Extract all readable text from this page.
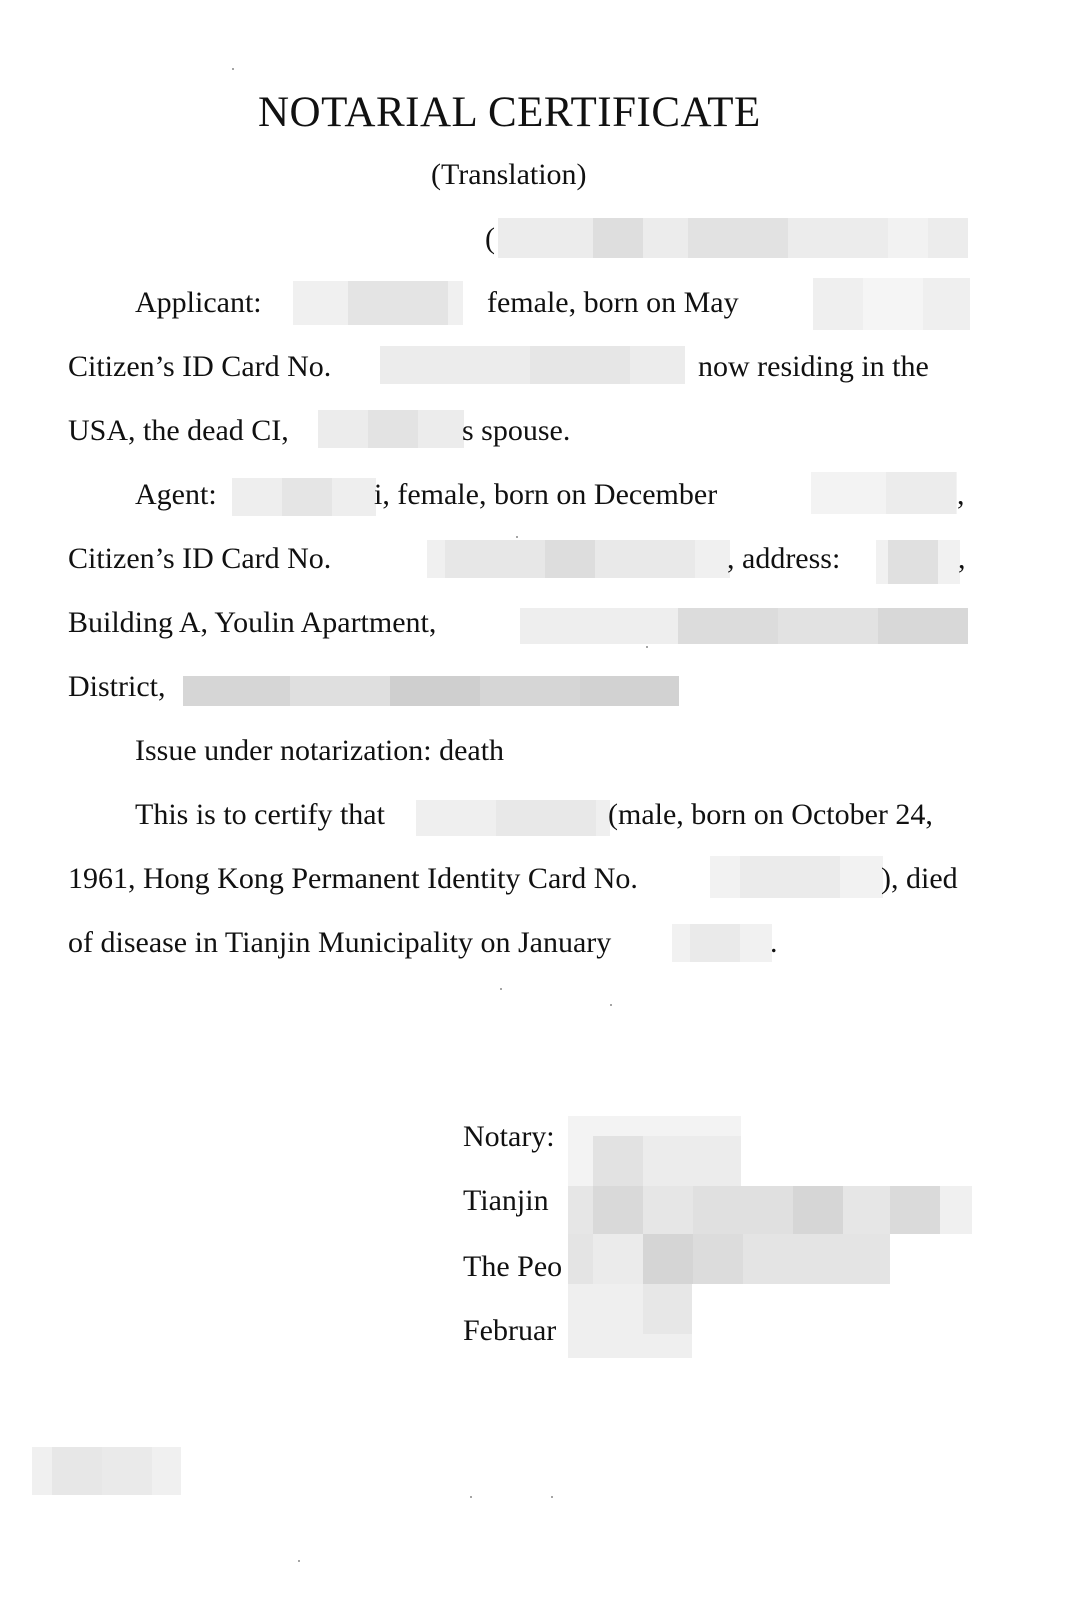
NOTARIAL CERTIFICATE
(Translation)
(
Applicant:	female, born on May
Citizen’s ID Card No.	now residing in the
USA, the dead CI,	s spouse.
Agent:	i, female, born on December	,
Citizen’s ID Card No.	, address:	,
Building A, Youlin Apartment,
District,
Issue under notarization: death
This is to certify that	(male, born on October 24,
1961, Hong Kong Permanent Identity Card No.	), died
of disease in Tianjin Municipality on January	.
Notary:
Tianjin
The Peo
Februar
